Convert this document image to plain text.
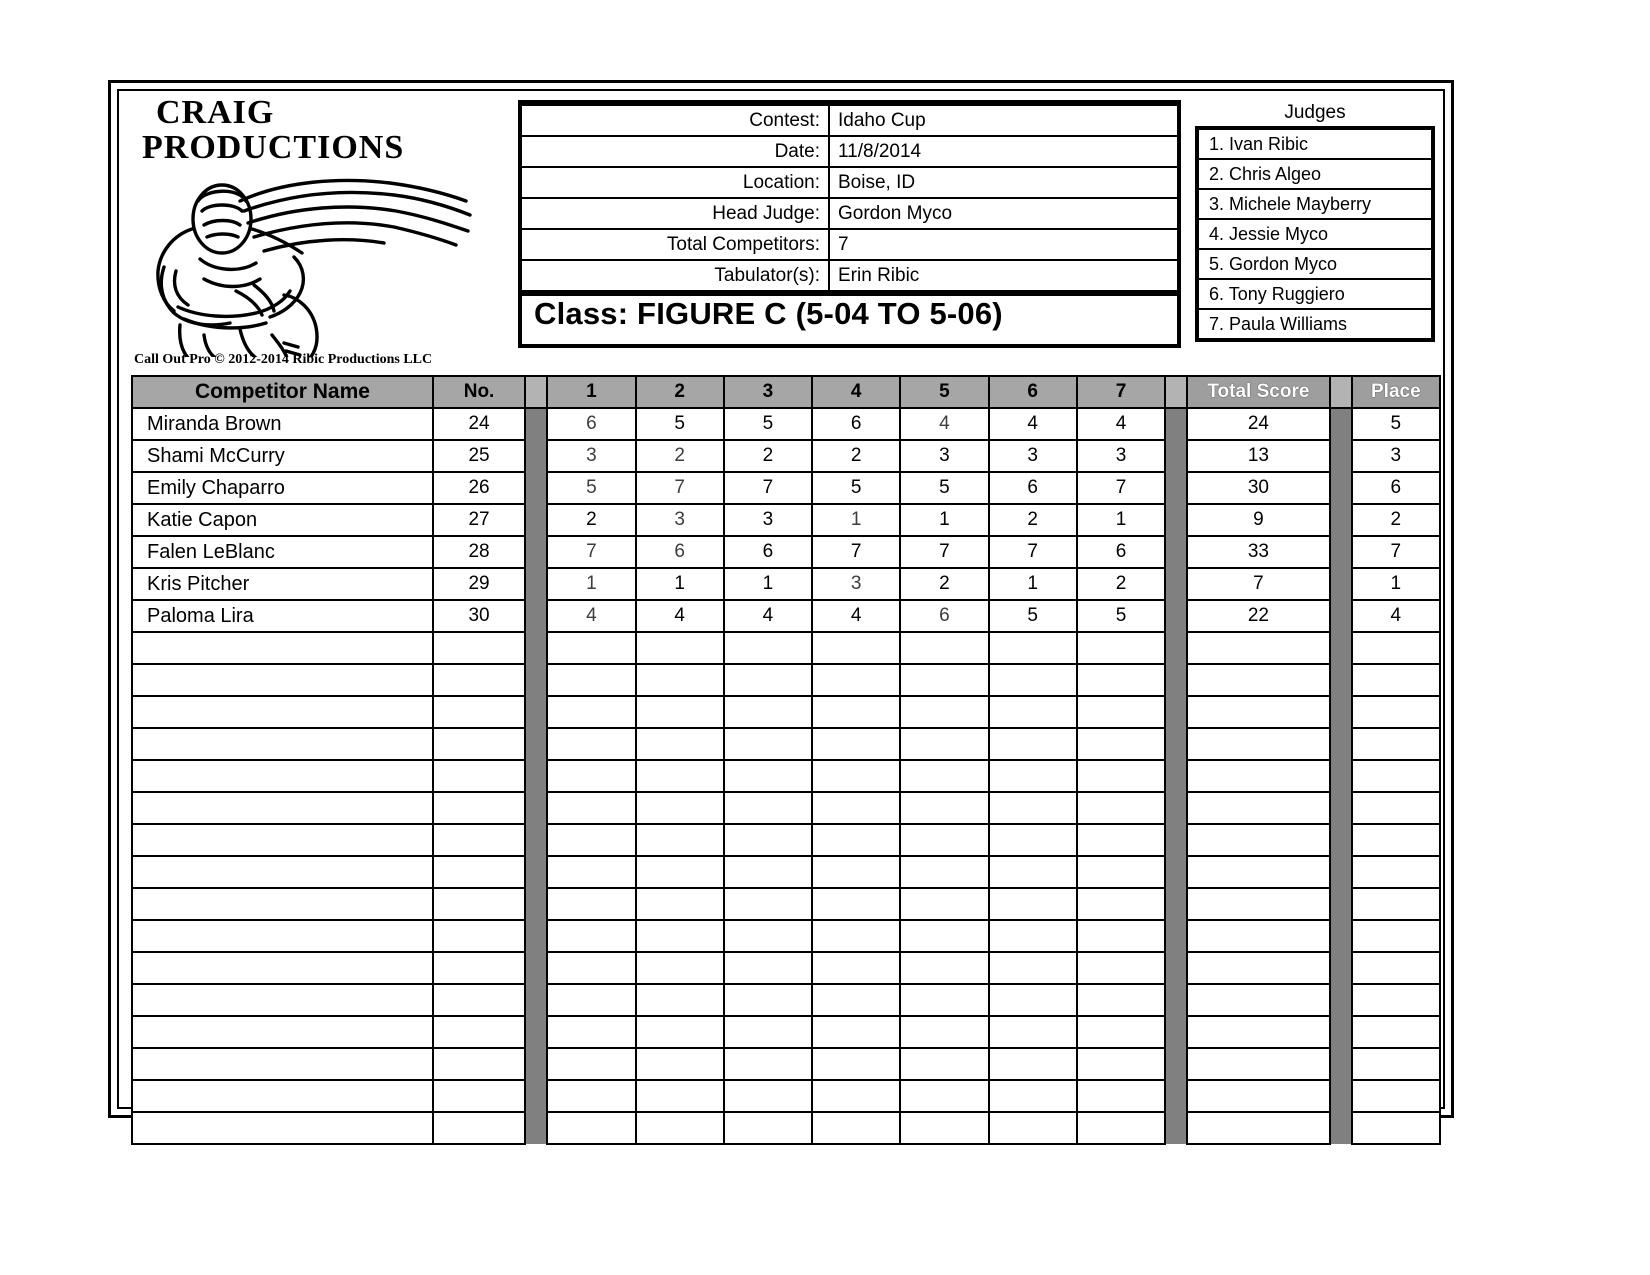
CRAIG
PRODUCTIONS
Contest:	Idaho Cup
Date:	11/8/2014
Location:	Boise, ID
Head Judge:	Gordon Myco
Total Competitors:	7
Tabulator(s):	Erin Ribic
Class: FIGURE C (5-04 TO 5-06)
Judges
1. Ivan Ribic
2. Chris Algeo
3. Michele Mayberry
4. Jessie Myco
5. Gordon Myco
6. Tony Ruggiero
7. Paula Williams
Call Out Pro © 2012-2014 Ribic Productions LLC
Competitor Name	No.		1	2	3	4	5	6	7		Total Score		Place
Miranda Brown	24		6	5	5	6	4	4	4		24		5
Shami McCurry	25		3	2	2	2	3	3	3		13		3
Emily Chaparro	26		5	7	7	5	5	6	7		30		6
Katie Capon	27		2	3	3	1	1	2	1		9		2
Falen LeBlanc	28		7	6	6	7	7	7	6		33		7
Kris Pitcher	29		1	1	1	3	2	1	2		7		1
Paloma Lira	30		4	4	4	4	6	5	5		22		4
